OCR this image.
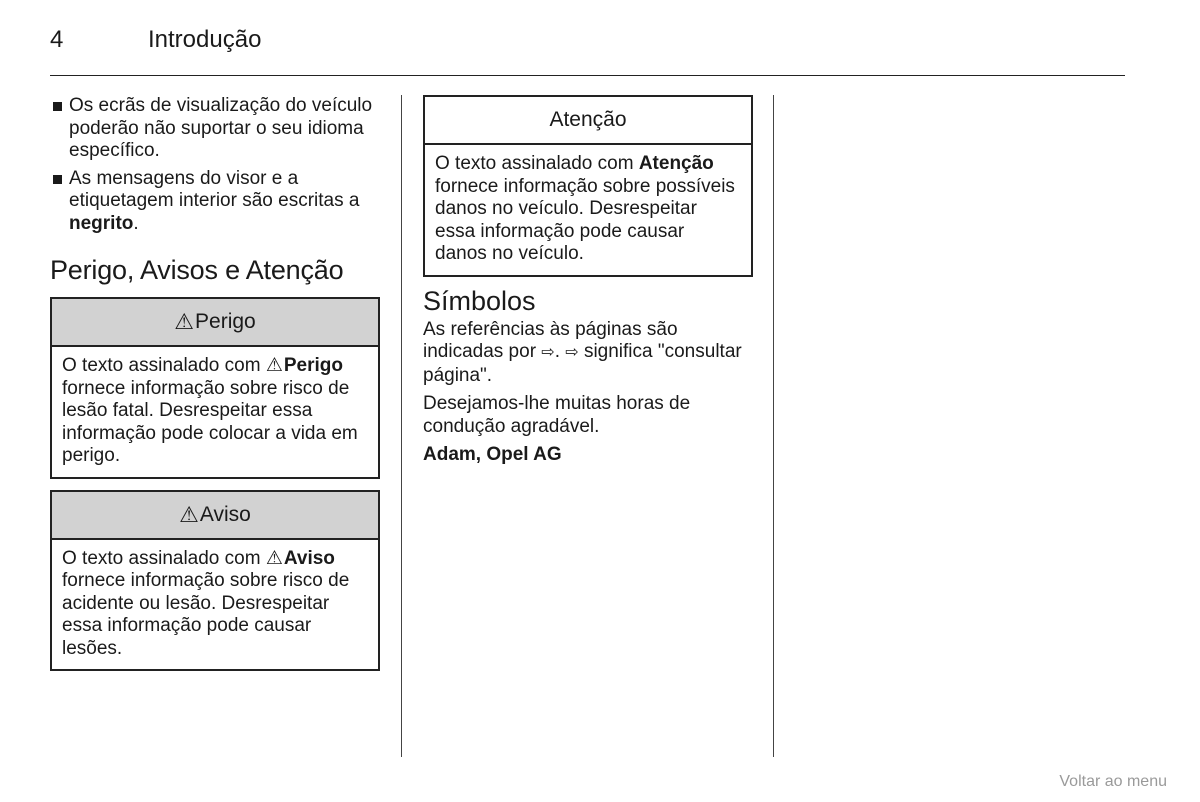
4	Introdução
Os ecrãs de visualização do veículo poderão não suportar o seu idioma específico.
As mensagens do visor e a etiquetagem interior são escritas a negrito.
Perigo, Avisos e Atenção
⚠ Perigo
O texto assinalado com ⚠Perigo fornece informação sobre risco de lesão fatal. Desrespeitar essa informação pode colocar a vida em perigo.
⚠ Aviso
O texto assinalado com ⚠Aviso fornece informação sobre risco de acidente ou lesão. Desrespeitar essa informação pode causar lesões.
Atenção
O texto assinalado com Atenção fornece informação sobre possíveis danos no veículo. Desrespeitar essa informação pode causar danos no veículo.
Símbolos

As referências às páginas são indicadas por ⇨. ⇨ significa "consultar página".

Desejamos-lhe muitas horas de condução agradável.

Adam, Opel AG

Voltar ao menu
